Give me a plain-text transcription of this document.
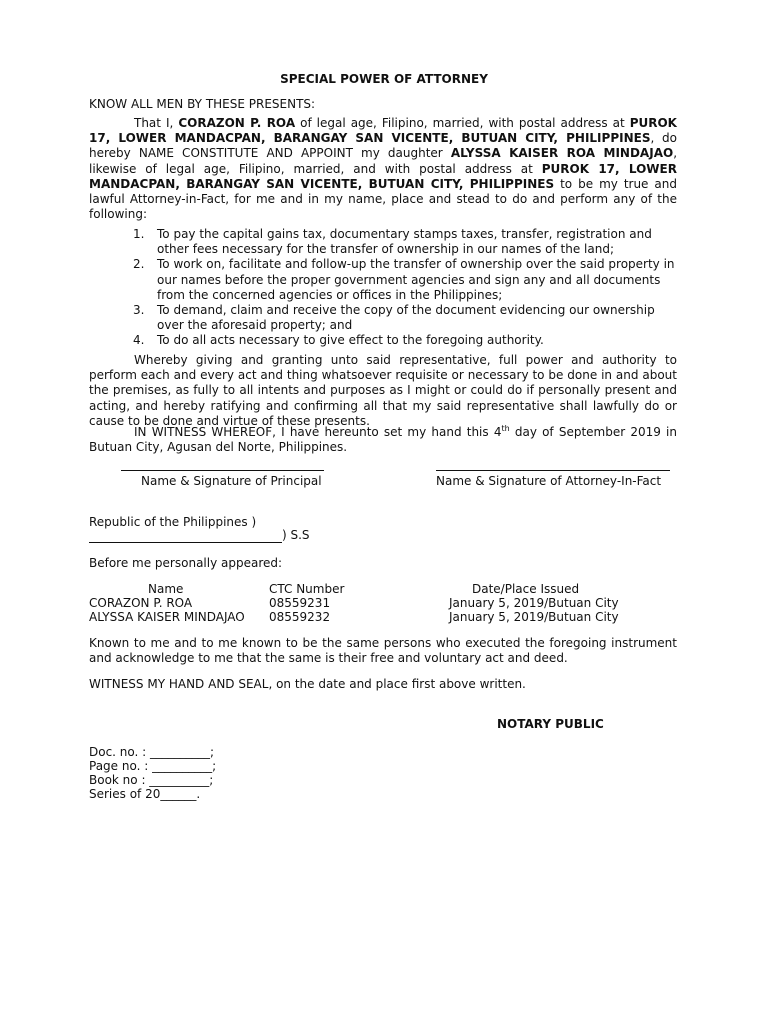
SPECIAL POWER OF ATTORNEY
KNOW ALL MEN BY THESE PRESENTS:
That I, CORAZON P. ROA of legal age, Filipino, married, with postal address at PUROK 17, LOWER MANDACPAN, BARANGAY SAN VICENTE, BUTUAN CITY, PHILIPPINES, do hereby NAME CONSTITUTE AND APPOINT my daughter ALYSSA KAISER ROA MINDAJAO, likewise of legal age, Filipino, married, and with postal address at PUROK 17, LOWER MANDACPAN, BARANGAY SAN VICENTE, BUTUAN CITY, PHILIPPINES to be my true and lawful Attorney-in-Fact, for me and in my name, place and stead to do and perform any of the following:
1. To pay the capital gains tax, documentary stamps taxes, transfer, registration and other fees necessary for the transfer of ownership in our names of the land;
2. To work on, facilitate and follow-up the transfer of ownership over the said property in our names before the proper government agencies and sign any and all documents from the concerned agencies or offices in the Philippines;
3. To demand, claim and receive the copy of the document evidencing our ownership over the aforesaid property; and
4. To do all acts necessary to give effect to the foregoing authority.
Whereby giving and granting unto said representative, full power and authority to perform each and every act and thing whatsoever requisite or necessary to be done in and about the premises, as fully to all intents and purposes as I might or could do if personally present and acting, and hereby ratifying and confirming all that my said representative shall lawfully do or cause to be done and virtue of these presents.
IN WITNESS WHEREOF, I have hereunto set my hand this 4th day of September 2019 in Butuan City, Agusan del Norte, Philippines.
Name & Signature of Principal	Name & Signature of Attorney-In-Fact
Republic of the Philippines )
) S.S
Before me personally appeared:
Name	CTC Number	Date/Place Issued
CORAZON P. ROA	08559231	January 5, 2019/Butuan City
ALYSSA KAISER MINDAJAO 08559232	January 5, 2019/Butuan City
Known to me and to me known to be the same persons who executed the foregoing instrument and acknowledge to me that the same is their free and voluntary act and deed.
WITNESS MY HAND AND SEAL, on the date and place first above written.
NOTARY PUBLIC
Doc. no. : __________;
Page no. : __________;
Book no : __________;
Series of 20______.
